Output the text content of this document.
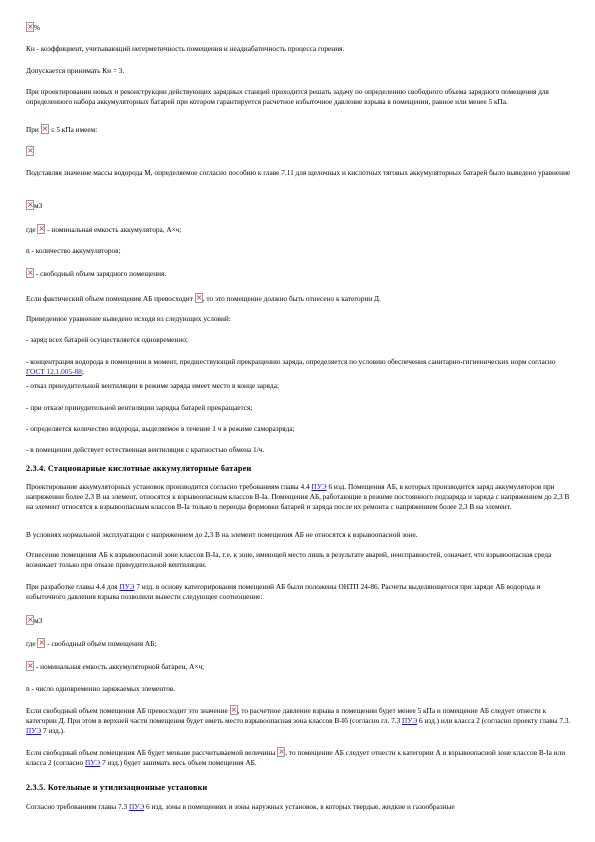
×%

Кн - коэффициент, учитывающий негерметичность помещения и неадиабатичность процесса горения.

Допускается принимать Кн = 3.

При проектировании новых и реконструкции действующих зарядных станций приходится решать задачу по определению свободного объема зарядного помещения для определенного набора аккумуляторных батарей при котором гарантируется расчетное избыточное давление взрыва в помещении, равное или менее 5 кПа.

При × ≤ 5 кПа имеем:
×

Подставляя значение массы водорода М, определяемое согласно пособию к главе 7.11 для щелочных и кислотных тяговых аккумуляторных батарей было выведено уравнение

×м3
где × - номинальная емкость аккумулятора, А×ч;

n - количество аккумуляторов;

× - свободный объем зарядного помещения.
Если фактический объем помещения АБ превосходит × , то это помещение должно быть отнесено к категории Д.

Приведенное уравнение выведено исходя из следующих условий:

- заряд всех батарей осуществляется одновременно;

- концентрация водорода в помещении в момент, предшествующий прекращению заряда, определяется по условию обеспечения санитарно-гигиенических норм согласно ГОСТ 12.1.005-88;

- отказ принудительной вентиляции в режиме заряда имеет место в конце заряда;

- при отказе принудительной вентиляции зарядка батарей прекращается;

- определяется количество водорода, выделяемое в течение 1 ч в режиме саморазряда;

- в помещении действует естественная вентиляция с кратностью обмена 1/ч.

2.3.4. Стационарные кислотные аккумуляторные батареи

Проектирование аккумуляторных установок производится согласно требованиям главы 4.4 ПУЭ 6 изд. Помещения АБ, в которых производится заряд аккумуляторов при напряжении более 2,3 В на элемент, относятся к взрывоопасным классов В-Iа. Помещения АБ, работающие в режиме постоянного подзаряда и заряда с напряжением до 2,3 В на элемент относятся к взрывоопасным классов В-Iа только в периоды формовки батарей и заряда после их ремонта с напряжением более 2,3 В на элемент.

В условиях нормальной эксплуатации с напряжением до 2,3 В на элемент помещения АБ не относятся к взрывоопасной зоне.

Отнесение помещения АБ к взрывоопасной зоне классов В-Iа, т.е. к зоне, имеющей место лишь в результате аварий, неисправностей, означает, что взрывоопасная среда возникает только при отказе принудительной вентиляции.

При разработке главы 4.4 для ПУЭ 7 изд. в основу категорирования помещений АБ были положены ОНТП 24-86. Расчеты выделяющегося при заряде АБ водорода и избыточного давления взрыва позволили вывести следующее соотношение:

×м3
где × - свободный объем помещения АБ;
× - номинальная емкость аккумуляторной батареи, А×ч;

n - число одновременно заряжаемых элементов.

Если свободный объем помещения АБ превосходит это значение × , то расчетное давление взрыва в помещении будет менее 5 кПа и помещение АБ следует отнести к категории Д. При этом в верхней части помещения будет иметь место взрывоопасная зона классов В-Iб (согласно гл. 7.3 ПУЭ 6 изд.) или класса 2 (согласно проекту главы 7.3. ПУЭ 7 изд.).

Если свободный объем помещения АБ будет меньше рассчитываемой величины × , то помещение АБ следует отнести к категории А и взрывоопасной зоне классов В-Iа или класса 2 (согласно ПУЭ 7 изд.) будет занимать весь объем помещения АБ.

2.3.5. Котельные и утилизационные установки

Согласно требованиям главы 7.3 ПУЭ 6 изд. зоны в помещениях и зоны наружных установок, в которых твердые, жидкие и газообразные
